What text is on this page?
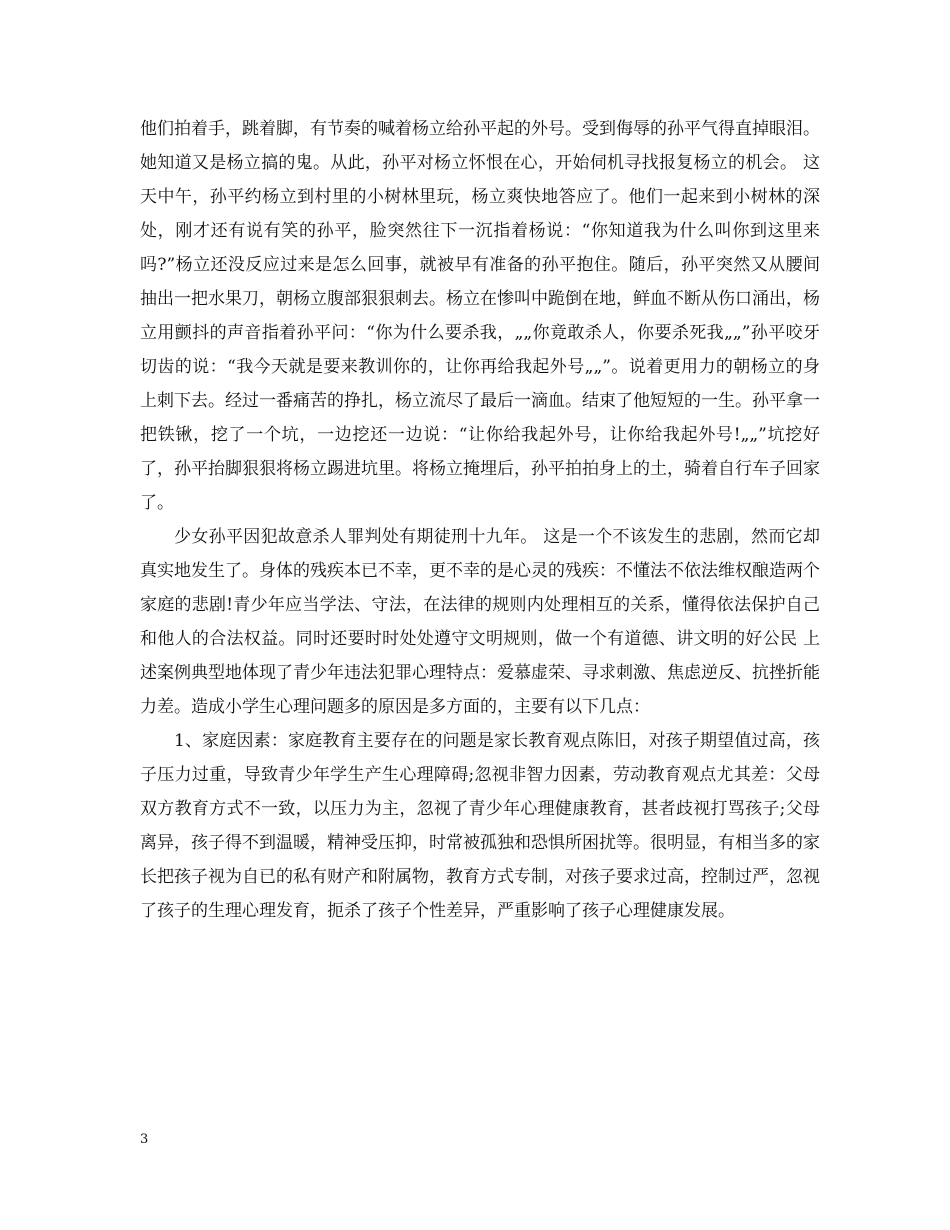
他们拍着手，跳着脚，有节奏的喊着杨立给孙平起的外号。受到侮辱的孙平气得直掉眼泪。她知道又是杨立搞的鬼。从此，孙平对杨立怀恨在心，开始伺机寻找报复杨立的机会。 这天中午，孙平约杨立到村里的小树林里玩，杨立爽快地答应了。他们一起来到小树林的深处，刚才还有说有笑的孙平，脸突然往下一沉指着杨说：“你知道我为什么叫你到这里来吗?”杨立还没反应过来是怎么回事，就被早有准备的孙平抱住。随后，孙平突然又从腰间抽出一把水果刀，朝杨立腹部狠狠刺去。杨立在惨叫中跪倒在地，鲜血不断从伤口涌出，杨立用颤抖的声音指着孙平问：“你为什么要杀我，„„你竟敢杀人，你要杀死我„„”孙平咬牙切齿的说：“我今天就是要来教训你的，让你再给我起外号„„”。说着更用力的朝杨立的身上刺下去。经过一番痛苦的挣扎，杨立流尽了最后一滴血。结束了他短短的一生。孙平拿一把铁锹，挖了一个坑，一边挖还一边说：“让你给我起外号，让你给我起外号!„„”坑挖好了，孙平抬脚狠狠将杨立踢进坑里。将杨立掩埋后，孙平拍拍身上的土，骑着自行车子回家了。

少女孙平因犯故意杀人罪判处有期徒刑十九年。 这是一个不该发生的悲剧，然而它却真实地发生了。身体的残疾本已不幸，更不幸的是心灵的残疾：不懂法不依法维权酿造两个家庭的悲剧!青少年应当学法、守法，在法律的规则内处理相互的关系，懂得依法保护自己和他人的合法权益。同时还要时时处处遵守文明规则，做一个有道德、讲文明的好公民 上述案例典型地体现了青少年违法犯罪心理特点：爱慕虚荣、寻求刺激、焦虑逆反、抗挫折能力差。造成小学生心理问题多的原因是多方面的，主要有以下几点：

1、家庭因素：家庭教育主要存在的问题是家长教育观点陈旧，对孩子期望值过高，孩子压力过重，导致青少年学生产生心理障碍;忽视非智力因素，劳动教育观点尤其差：父母双方教育方式不一致，以压力为主，忽视了青少年心理健康教育，甚者歧视打骂孩子;父母离异，孩子得不到温暖，精神受压抑，时常被孤独和恐惧所困扰等。很明显，有相当多的家长把孩子视为自已的私有财产和附属物，教育方式专制，对孩子要求过高，控制过严，忽视了孩子的生理心理发育，扼杀了孩子个性差异，严重影响了孩子心理健康发展。

3
